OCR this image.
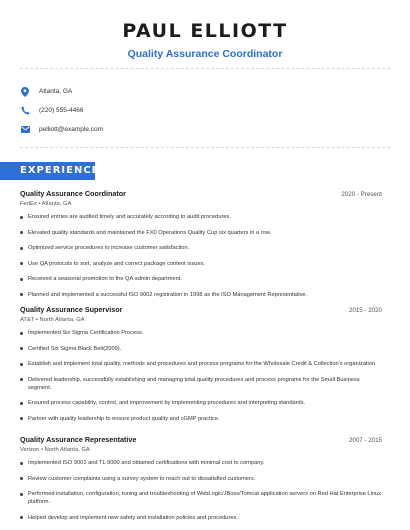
PAUL ELLIOTT
Quality Assurance Coordinator
Atlanta, GA
(220) 555-4466
pelliott@example.com
EXPERIENCE
Quality Assurance Coordinator	2020 - Present
FedEx • Atlanta, GA
Ensured entries are audited timely and accurately according to audit procedures.
Elevated quality standards and maintained the FX0 Operations Quality Cup six quarters in a row.
Optimized service procedures to increase customer satisfaction.
Use QA protocols to sort, analyze and correct package content issues.
Received a seasonal promotion to the QA admin department.
Planned and implemented a successful ISO 9002 registration in 1998 as the ISO Management Representative.
Quality Assurance Supervisor	2015 - 2020
AT&T • North Atlanta, GA
Implemented Six Sigma Certification Process.
Certified Six Sigma Black Belt(2009).
Establish and implement total quality, methods and procedures and process programs for the Wholesale Credit & Collection's organization.
Delivered leadership, successfully establishing and managing total quality procedures and process programs for the Small Business segment.
Ensured process capability, control, and improvement by implementing procedures and interpreting standards.
Partner with quality leadership to ensure product quality and cGMP practice.
Quality Assurance Representative	2007 - 2015
Verizon • North Atlanta, GA
Implemented ISO 9001 and TL 9000 and obtained certifications with minimal cost to company.
Review customer complaints using a survey system to reach out to dissatisfied customers.
Performed installation, configuration, tuning and troubleshooting of WebLogic/JBoss/Tomcat application servers on Red Hat Enterprise Linux platform.
Helped develop and implement new safety and installation policies and procedures.
